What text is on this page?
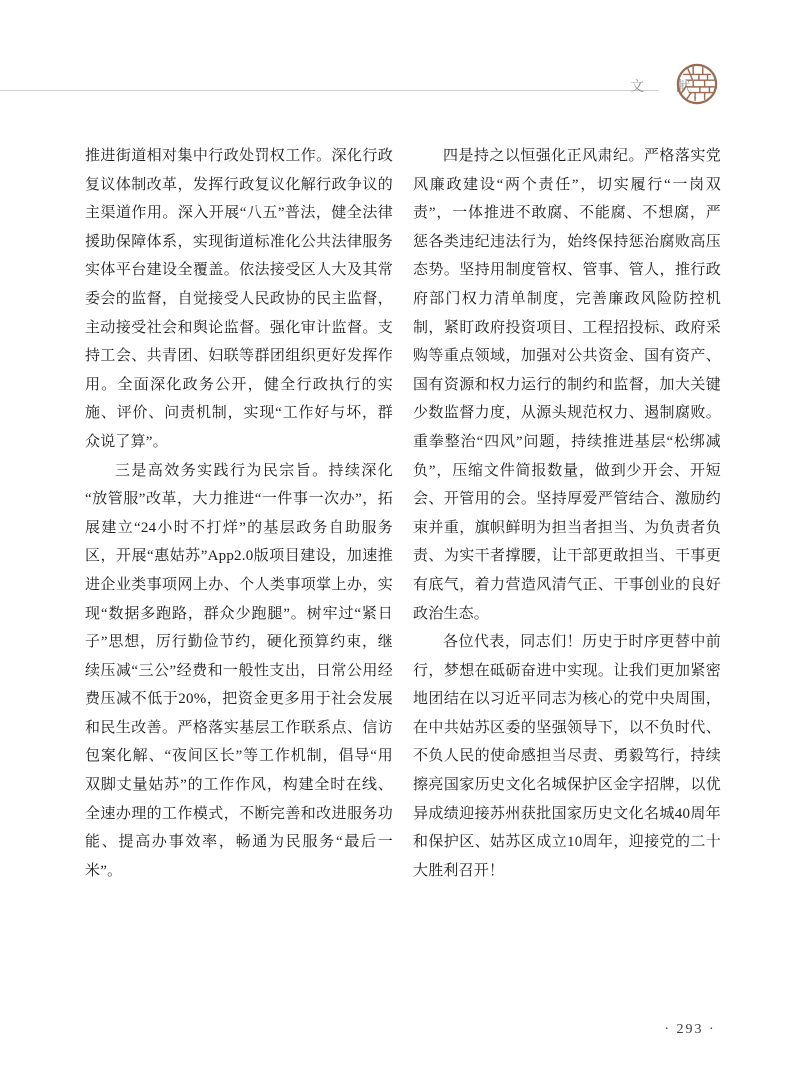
文　献

推进街道相对集中行政处罚权工作。深化行政复议体制改革，发挥行政复议化解行政争议的主渠道作用。深入开展“八五”普法，健全法律援助保障体系，实现街道标准化公共法律服务实体平台建设全覆盖。依法接受区人大及其常委会的监督，自觉接受人民政协的民主监督，主动接受社会和舆论监督。强化审计监督。支持工会、共青团、妇联等群团组织更好发挥作用。全面深化政务公开，健全行政执行的实施、评价、问责机制，实现“工作好与坏，群众说了算”。

三是高效务实践行为民宗旨。持续深化“放管服”改革，大力推进“一件事一次办”，拓展建立“24小时不打烊”的基层政务自助服务区，开展“惠姑苏”App2.0版项目建设，加速推进企业类事项网上办、个人类事项掌上办，实现“数据多跑路，群众少跑腿”。树牢过“紧日子”思想，厉行勤俭节约，硬化预算约束，继续压减“三公”经费和一般性支出，日常公用经费压减不低于20%，把资金更多用于社会发展和民生改善。严格落实基层工作联系点、信访包案化解、“夜间区长”等工作机制，倡导“用双脚丈量姑苏”的工作作风，构建全时在线、全速办理的工作模式，不断完善和改进服务功能、提高办事效率，畅通为民服务“最后一米”。

四是持之以恒强化正风肃纪。严格落实党风廉政建设“两个责任”，切实履行“一岗双责”，一体推进不敢腐、不能腐、不想腐，严惩各类违纪违法行为，始终保持惩治腐败高压态势。坚持用制度管权、管事、管人，推行政府部门权力清单制度，完善廉政风险防控机制，紧盯政府投资项目、工程招投标、政府采购等重点领域，加强对公共资金、国有资产、国有资源和权力运行的制约和监督，加大关键少数监督力度，从源头规范权力、遏制腐败。重拳整治“四风”问题，持续推进基层“松绑减负”，压缩文件简报数量，做到少开会、开短会、开管用的会。坚持厚爱严管结合、激励约束并重，旗帜鲜明为担当者担当、为负责者负责、为实干者撑腰，让干部更敢担当、干事更有底气，着力营造风清气正、干事创业的良好政治生态。

各位代表，同志们！历史于时序更替中前行，梦想在砥砺奋进中实现。让我们更加紧密地团结在以习近平同志为核心的党中央周围，在中共姑苏区委的坚强领导下，以不负时代、不负人民的使命感担当尽责、勇毅笃行，持续擦亮国家历史文化名城保护区金字招牌，以优异成绩迎接苏州获批国家历史文化名城40周年和保护区、姑苏区成立10周年，迎接党的二十大胜利召开！

· 293 ·
